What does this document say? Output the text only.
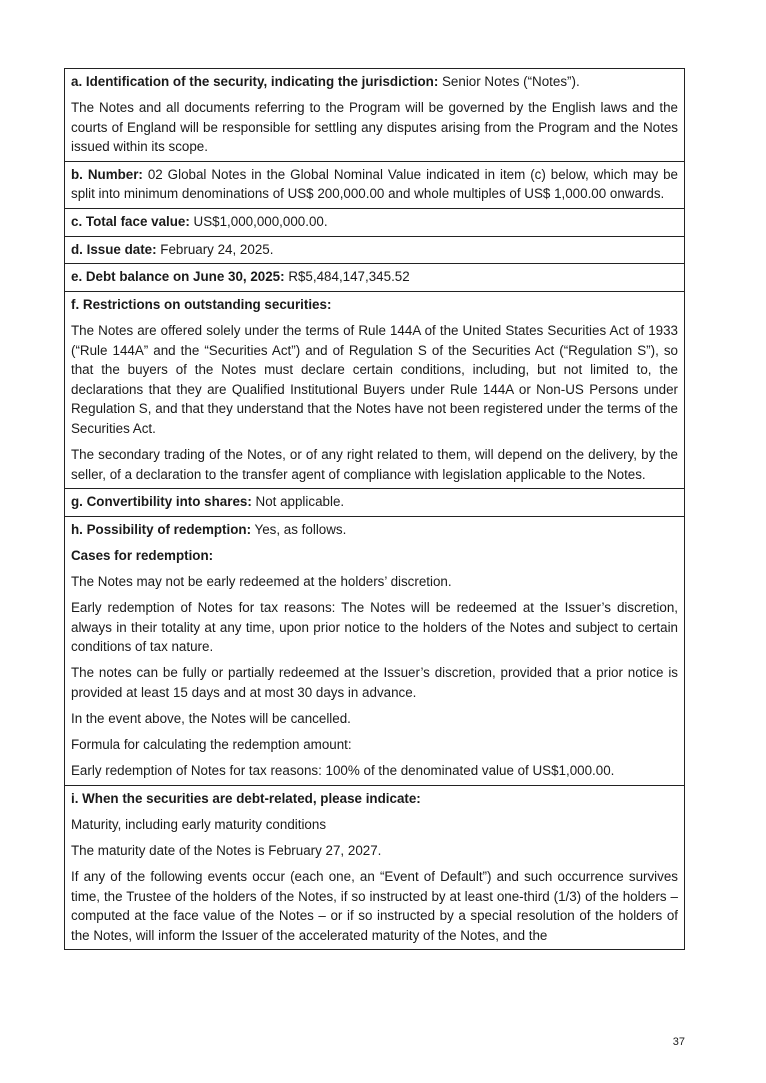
a. Identification of the security, indicating the jurisdiction: Senior Notes (“Notes”).

The Notes and all documents referring to the Program will be governed by the English laws and the courts of England will be responsible for settling any disputes arising from the Program and the Notes issued within its scope.

b. Number: 02 Global Notes in the Global Nominal Value indicated in item (c) below, which may be split into minimum denominations of US$ 200,000.00 and whole multiples of US$ 1,000.00 onwards.

c. Total face value: US$1,000,000,000.00.

d. Issue date: February 24, 2025.

e. Debt balance on June 30, 2025: R$5,484,147,345.52

f. Restrictions on outstanding securities:

The Notes are offered solely under the terms of Rule 144A of the United States Securities Act of 1933 (“Rule 144A” and the “Securities Act”) and of Regulation S of the Securities Act (“Regulation S”), so that the buyers of the Notes must declare certain conditions, including, but not limited to, the declarations that they are Qualified Institutional Buyers under Rule 144A or Non-US Persons under Regulation S, and that they understand that the Notes have not been registered under the terms of the Securities Act.

The secondary trading of the Notes, or of any right related to them, will depend on the delivery, by the seller, of a declaration to the transfer agent of compliance with legislation applicable to the Notes.

g. Convertibility into shares: Not applicable.

h. Possibility of redemption: Yes, as follows.

Cases for redemption:

The Notes may not be early redeemed at the holders’ discretion.

Early redemption of Notes for tax reasons: The Notes will be redeemed at the Issuer’s discretion, always in their totality at any time, upon prior notice to the holders of the Notes and subject to certain conditions of tax nature.

The notes can be fully or partially redeemed at the Issuer’s discretion, provided that a prior notice is provided at least 15 days and at most 30 days in advance.

In the event above, the Notes will be cancelled.

Formula for calculating the redemption amount:

Early redemption of Notes for tax reasons: 100% of the denominated value of US$1,000.00.

i. When the securities are debt-related, please indicate:

Maturity, including early maturity conditions

The maturity date of the Notes is February 27, 2027.

If any of the following events occur (each one, an “Event of Default”) and such occurrence survives time, the Trustee of the holders of the Notes, if so instructed by at least one-third (1/3) of the holders – computed at the face value of the Notes – or if so instructed by a special resolution of the holders of the Notes, will inform the Issuer of the accelerated maturity of the Notes, and the

37
